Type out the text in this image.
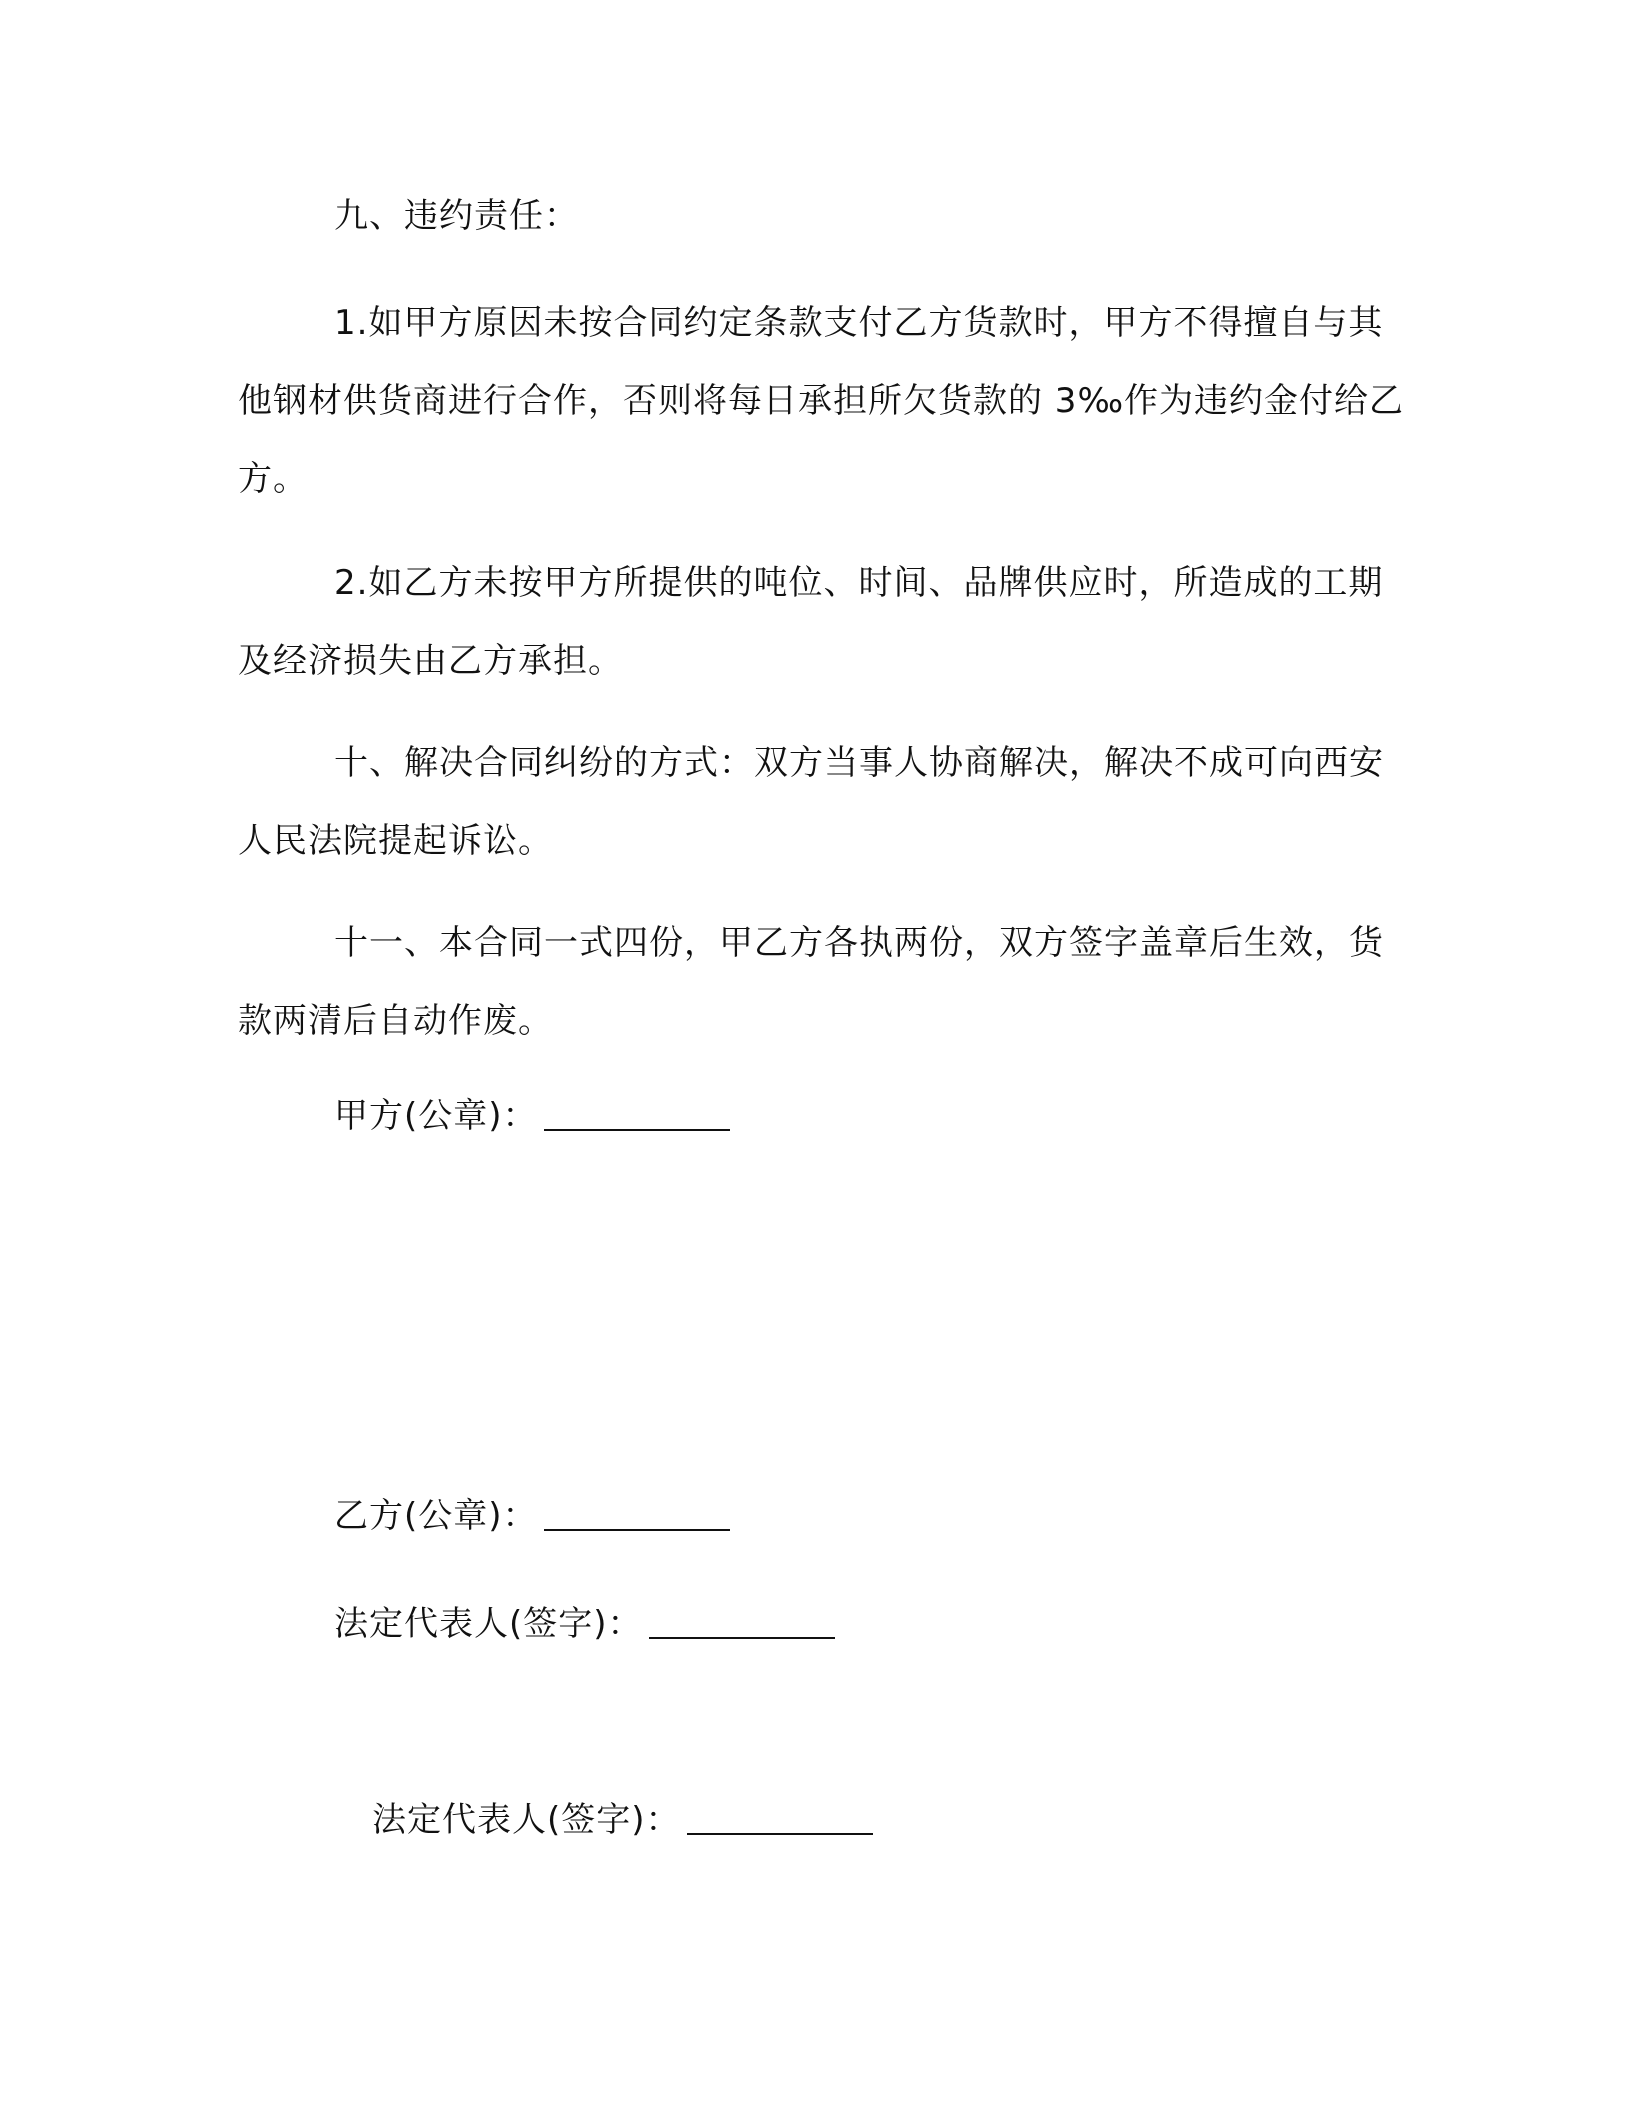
九、违约责任：

1.如甲方原因未按合同约定条款支付乙方货款时，甲方不得擅自与其他钢材供货商进行合作，否则将每日承担所欠货款的 3‰作为违约金付给乙方。

2.如乙方未按甲方所提供的吨位、时间、品牌供应时，所造成的工期及经济损失由乙方承担。

十、解决合同纠纷的方式：双方当事人协商解决，解决不成可向西安人民法院提起诉讼。

十一、本合同一式四份，甲乙方各执两份，双方签字盖章后生效，货款两清后自动作废。

甲方(公章)：
乙方(公章)：
法定代表人(签字)：
法定代表人(签字)：
